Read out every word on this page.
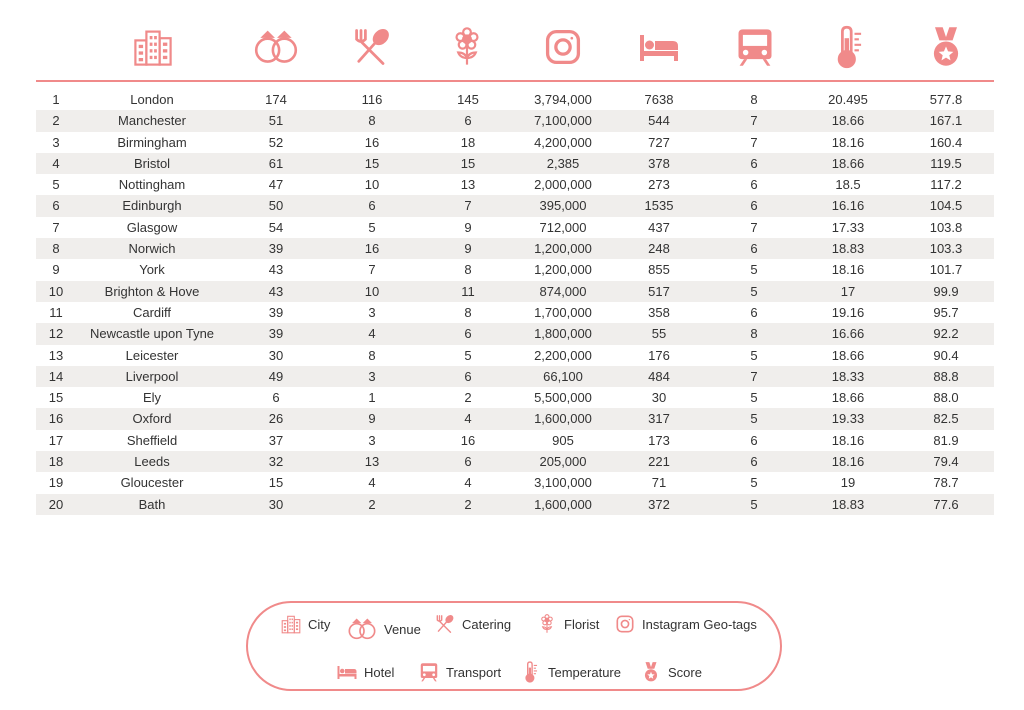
1	London	174	116	145	3,794,000	7638	8	20.495	577.8
2	Manchester	51	8	6	7,100,000	544	7	18.66	167.1
3	Birmingham	52	16	18	4,200,000	727	7	18.16	160.4
4	Bristol	61	15	15	2,385	378	6	18.66	119.5
5	Nottingham	47	10	13	2,000,000	273	6	18.5	117.2
6	Edinburgh	50	6	7	395,000	1535	6	16.16	104.5
7	Glasgow	54	5	9	712,000	437	7	17.33	103.8
8	Norwich	39	16	9	1,200,000	248	6	18.83	103.3
9	York	43	7	8	1,200,000	855	5	18.16	101.7
10	Brighton & Hove	43	10	11	874,000	517	5	17	99.9
11	Cardiff	39	3	8	1,700,000	358	6	19.16	95.7
12 Newcastle upon Tyne	39	4	6	1,800,000	55	8	16.66	92.2
13	Leicester	30	8	5	2,200,000	176	5	18.66	90.4
14	Liverpool	49	3	6	66,100	484	7	18.33	88.8
15	Ely	6	1	2	5,500,000	30	5	18.66	88.0
16	Oxford	26	9	4	1,600,000	317	5	19.33	82.5
17	Sheffield	37	3	16	905	173	6	18.16	81.9
18	Leeds	32	13	6	205,000	221	6	18.16	79.4
19	Gloucester	15	4	4	3,100,000	71	5	19	78.7
20	Bath	30	2	2	1,600,000	372	5	18.83	77.6
City	Venue	Catering	Florist	Instagram Geo-tags
Hotel	Transport	Temperature	Score
